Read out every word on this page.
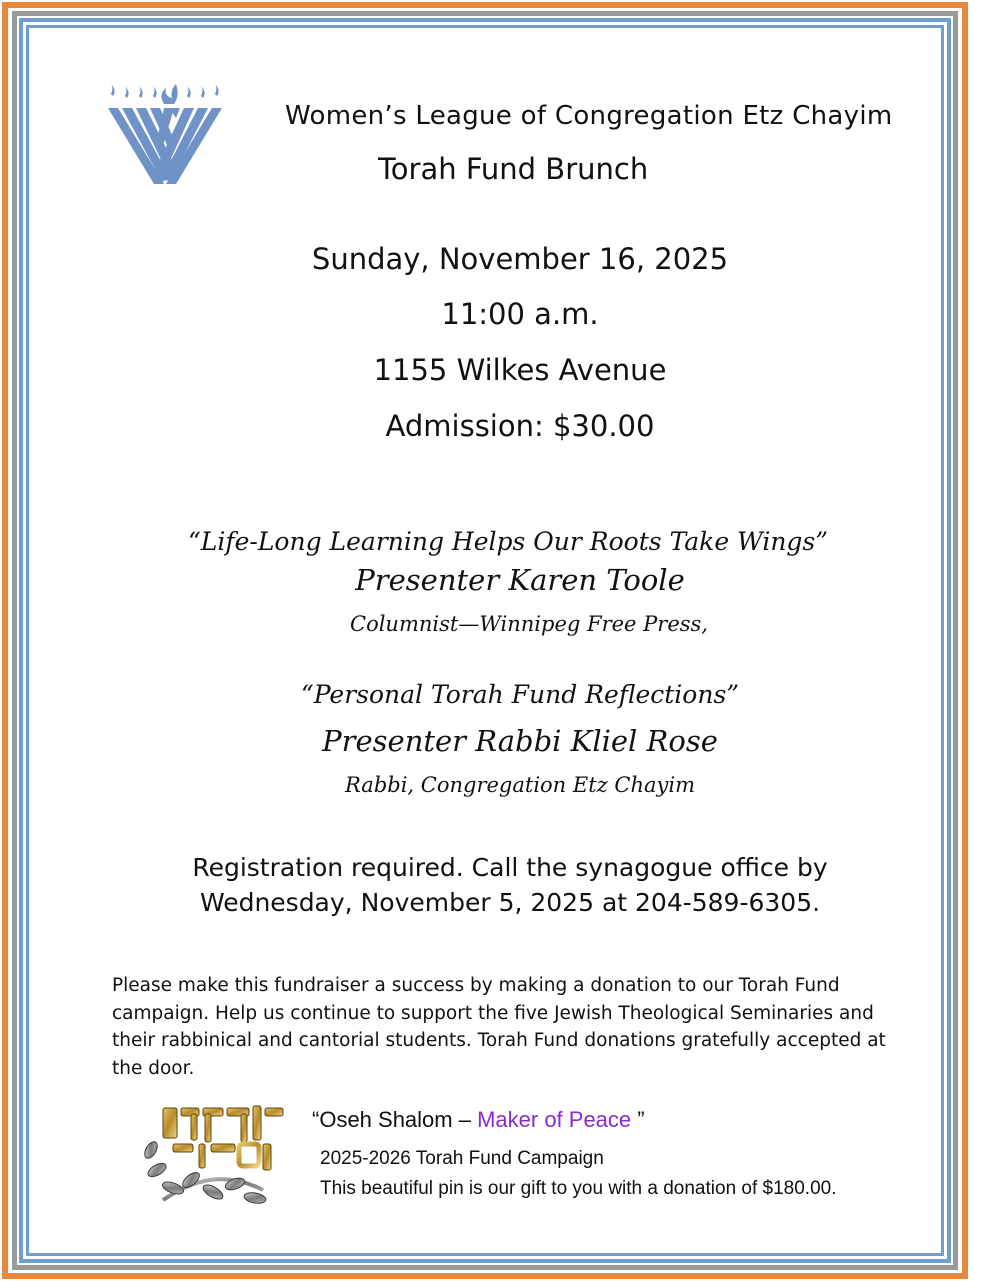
Women’s League of Congregation Etz Chayim
Torah Fund Brunch
Sunday, November 16, 2025
11:00 a.m.
1155 Wilkes Avenue
Admission: $30.00
“Life-Long Learning Helps Our Roots Take Wings”
Presenter Karen Toole
Columnist—Winnipeg Free Press,
“Personal Torah Fund Reflections”
Presenter Rabbi Kliel Rose
Rabbi, Congregation Etz Chayim
Registration required. Call the synagogue office by
Wednesday, November 5, 2025 at 204-589-6305.
Please make this fundraiser a success by making a donation to our Torah Fund campaign. Help us continue to support the five Jewish Theological Seminaries and their rabbinical and cantorial students. Torah Fund donations gratefully accepted at the door.
“Oseh Shalom – Maker of Peace ”
2025-2026 Torah Fund Campaign
This beautiful pin is our gift to you with a donation of $180.00.
